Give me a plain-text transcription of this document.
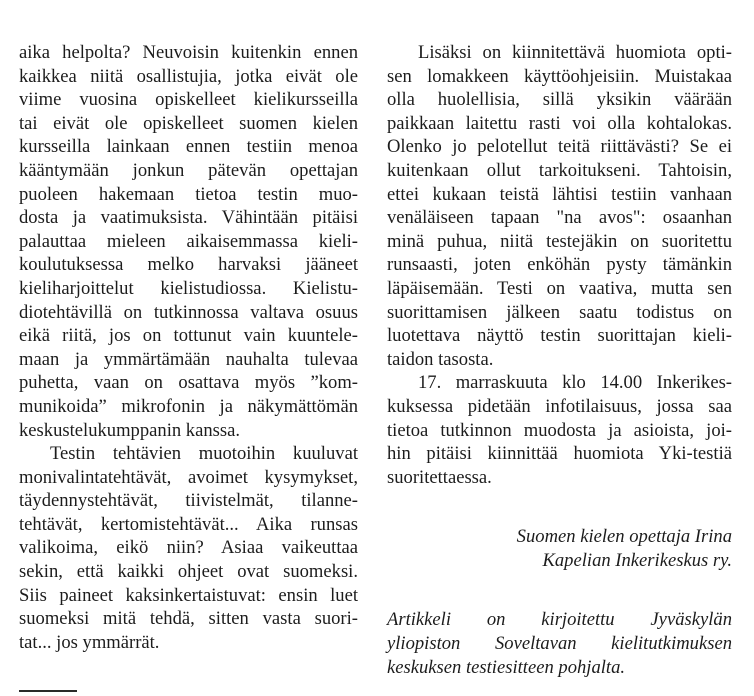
aika helpolta? Neuvoisin kuitenkin ennen
kaikkea niitä osallistujia, jotka eivät ole
viime vuosina opiskelleet kielikursseilla
tai eivät ole opiskelleet suomen kielen
kursseilla lainkaan ennen testiin menoa
kääntymään jonkun pätevän opettajan
puoleen hakemaan tietoa testin muo-
dosta ja vaatimuksista. Vähintään pitäisi
palauttaa mieleen aikaisemmassa kieli-
koulutuksessa melko harvaksi jääneet
kieliharjoittelut kielistudiossa. Kielistu-
diotehtävillä on tutkinnossa valtava osuus
eikä riitä, jos on tottunut vain kuuntele-
maan ja ymmärtämään nauhalta tulevaa
puhetta, vaan on osattava myös ”kom-
munikoida” mikrofonin ja näkymättömän
keskustelukumppanin kanssa.
Testin tehtävien muotoihin kuuluvat
monivalintatehtävät, avoimet kysymykset,
täydennystehtävät, tiivistelmät, tilanne-
tehtävät, kertomistehtävät... Aika runsas
valikoima, eikö niin? Asiaa vaikeuttaa
sekin, että kaikki ohjeet ovat suomeksi.
Siis paineet kaksinkertaistuvat: ensin luet
suomeksi mitä tehdä, sitten vasta suori-
tat... jos ymmärrät.
Lisäksi on kiinnitettävä huomiota opti-
sen lomakkeen käyttöohjeisiin. Muistakaa
olla huolellisia, sillä yksikin väärään
paikkaan laitettu rasti voi olla kohtalokas.
Olenko jo pelotellut teitä riittävästi? Se ei
kuitenkaan ollut tarkoitukseni. Tahtoisin,
ettei kukaan teistä lähtisi testiin vanhaan
venäläiseen tapaan "na avos": osaanhan
minä puhua, niitä testejäkin on suoritettu
runsaasti, joten enköhän pysty tämänkin
läpäisemään. Testi on vaativa, mutta sen
suorittamisen jälkeen saatu todistus on
luotettava näyttö testin suorittajan kieli-
taidon tasosta.
17. marraskuuta klo 14.00 Inkerikes-
kuksessa pidetään infotilaisuus, jossa saa
tietoa tutkinnon muodosta ja asioista, joi-
hin pitäisi kiinnittää huomiota Yki-testiä
suoritettaessa.
Suomen kielen opettaja Irina
Kapelian Inkerikeskus ry.
Artikkeli on kirjoitettu Jyväskylän
yliopiston Soveltavan kielitutkimuksen
keskuksen testiesitteen pohjalta.
